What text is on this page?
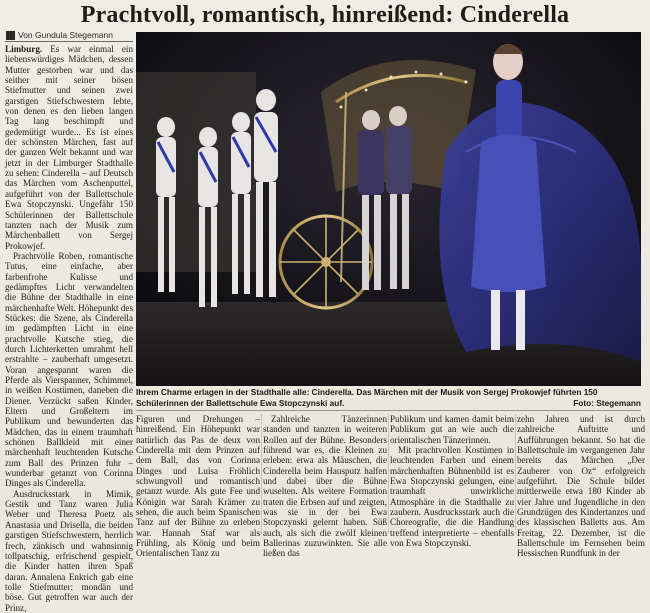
Prachtvoll, romantisch, hinreißend: Cinderella
Von Gundula Stegemann

Limburg. Es war einmal ein liebenswürdiges Mädchen, dessen Mutter gestorben war und das seither mit seiner bösen Stiefmutter und seinen zwei garstigen Stiefschwestern lebte, von denen es den lieben langen Tag lang beschimpft und gedemütigt wurde... Es ist eines der schönsten Märchen, fast auf der ganzen Welt bekannt und war jetzt in der Limburger Stadthalle zu sehen: Cinderella – auf Deutsch das Märchen vom Aschenputtel, aufgeführt von der Ballettschule Ewa Stopczynski. Ungefähr 150 Schülerinnen der Ballettschule tanzten nach der Musik zum Märchenballett von Sergej Prokowjef.

Prachtvolle Roben, romantische Tutus, eine einfache, aber farbenfrohe Kulisse und gedämpftes Licht verwandelten die Bühne der Stadthalle in eine märchenhafte Welt. Höhepunkt des Stückes: die Szene, als Cinderella im gedämpften Licht in eine prachtvolle Kutsche stieg, die durch Lichterketten umrahmt hell erstrahlte – zauberhaft umgesetzt. Voran angespannt waren die Pferde als Vierspanner, Schimmel, in weißen Kostümen, daneben die Diener. Verzückt saßen Kinder, Eltern und Großeltern im Publikum und bewunderten das Mädchen, das in einem traumhaft schönen Ballkleid mit einer märchenhaft leuchtenden Kutsche zum Ball des Prinzen fuhr – wunderbar getanzt von Corinna Dinges als Cinderella.

Ausdrucksstark in Mimik, Gestik und Tanz waren Julia Weber und Theresa Poetz als Anastasia und Drisella, die beiden garstigen Stiefschwestern, herrlich frech, zänkisch und wahnsinnig tollpatschig, erfrischend gespielt, die Kinder hatten ihren Spaß daran. Annalena Enkrich gab eine tolle Stiefmutter: mondän und böse. Gut getroffen war auch der Prinz,

Ihrem Charme erlagen in der Stadthalle alle: Cinderella. Das Märchen mit der Musik von Sergej Prokowjef führten 150 Schülerinnen der Ballettschule Ewa Stopczynski auf.	Foto: Stegemann

Figuren und Drehungen – hinreißend. Ein Höhepunkt war natürlich das Pas de deux von Cinderella mit dem Prinzen auf dem Ball, das von Corinna Dinges und Luisa Fröhlich schwungvoll und romantisch getanzt wurde. Als gute Fee und Königin war Sarah Krämer zu sehen, die auch beim Spanischen Tanz auf der Bühne zu erleben war. Hannah Staf war als Frühling, als König und beim Orientalischen Tanz zu

Zahlreiche Tänzerinnen standen und tanzten in weiteren Rollen auf der Bühne. Besonders führend war es, die Kleinen zu erleben: etwa als Mäuschen, die Cinderella beim Hausputz halfen und dabei über die Bühne wuselten. Als weitere Formation traten die Erbsen auf und zeigten, was sie in der bei Ewa Stopczynski gelernt haben. Süß auch, als sich die zwölf kleinen Ballerinas zuzuwinkten. Sie alle ließen das

Publikum und kamen damit beim Publikum gut an wie auch die orientalischen Tänzerinnen.

Mit prachtvollen Kostümen in leuchtenden Farben und einem märchenhaften Bühnenbild ist es Ewa Stopczynski gelungen, eine traumhaft unwirkliche Atmosphäre in die Stadthalle zu zaubern. Ausdrucksstark auch die Choreografie, die die Handlung treffend interpretierte – ebenfalls von Ewa Stopczynski.

zehn Jahren und ist durch zahlreiche Auftritte und Aufführungen bekannt. So hat die Ballettschule im vergangenen Jahr bereits das Märchen „Der Zauberer von Oz“ erfolgreich aufgeführt. Die Schule bildet mittlerweile etwa 180 Kinder ab vier Jahre und Jugendliche in den Grundzügen des Kindertanzes und des klassischen Balletts aus. Am Freitag, 22. Dezember, ist die Ballettschule im Fernsehen beim Hessischen Rundfunk in der
